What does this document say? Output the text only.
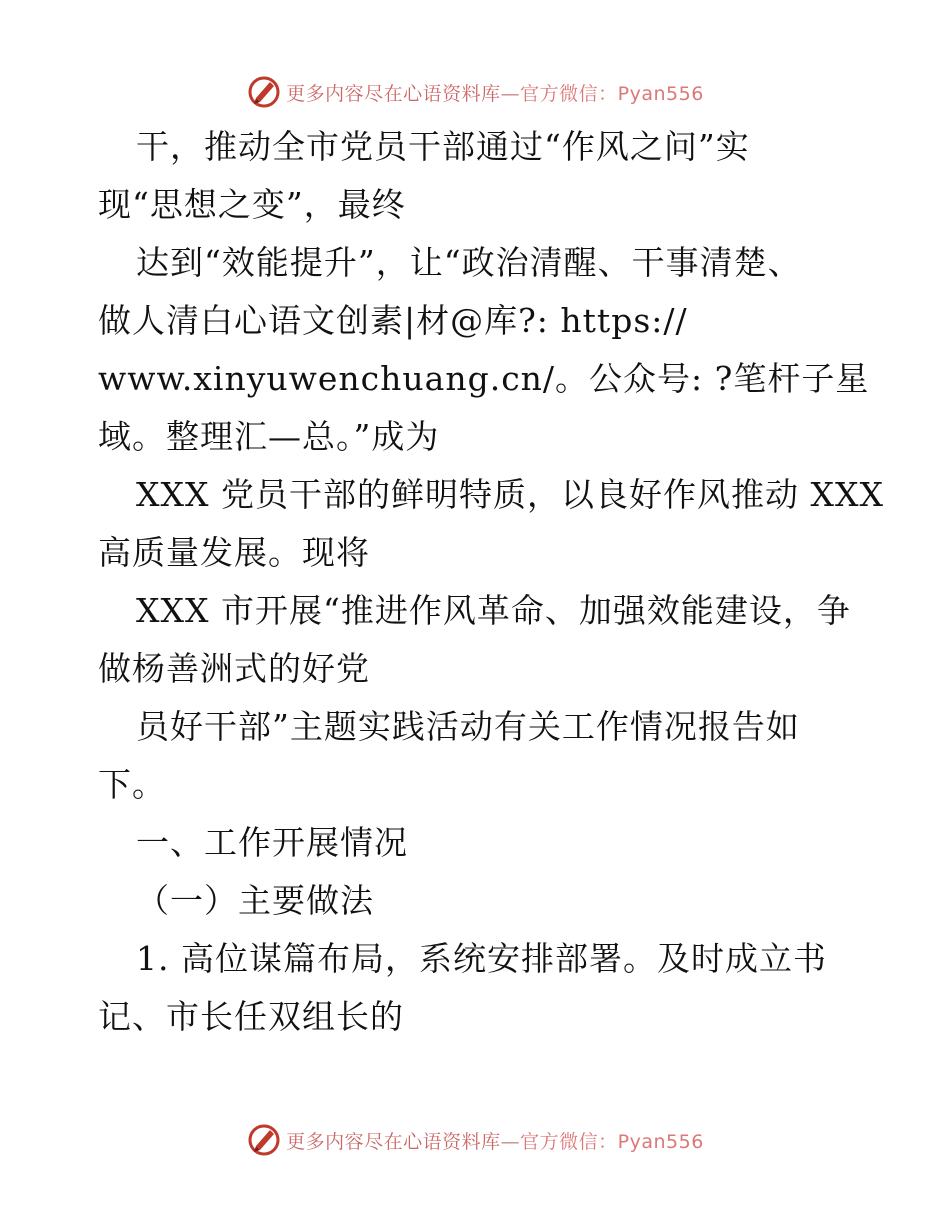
更多内容尽在心语资料库—官方微信：Pyan556
干，推动全市党员干部通过“作风之问”实
现“思想之变”，最终
达到“效能提升”，让“政治清醒、干事清楚、
做人清白心语文创素|材@库?: https://
www.xinyuwenchuang.cn/。公众号: ?笔杆子星
域。整理汇—总。”成为
XXX 党员干部的鲜明特质，以良好作风推动 XXX
高质量发展。现将
XXX 市开展“推进作风革命、加强效能建设，争
做杨善洲式的好党
员好干部”主题实践活动有关工作情况报告如
下。
一、工作开展情况
（一）主要做法
1. 高位谋篇布局，系统安排部署。及时成立书
记、市长任双组长的
更多内容尽在心语资料库—官方微信：Pyan556
